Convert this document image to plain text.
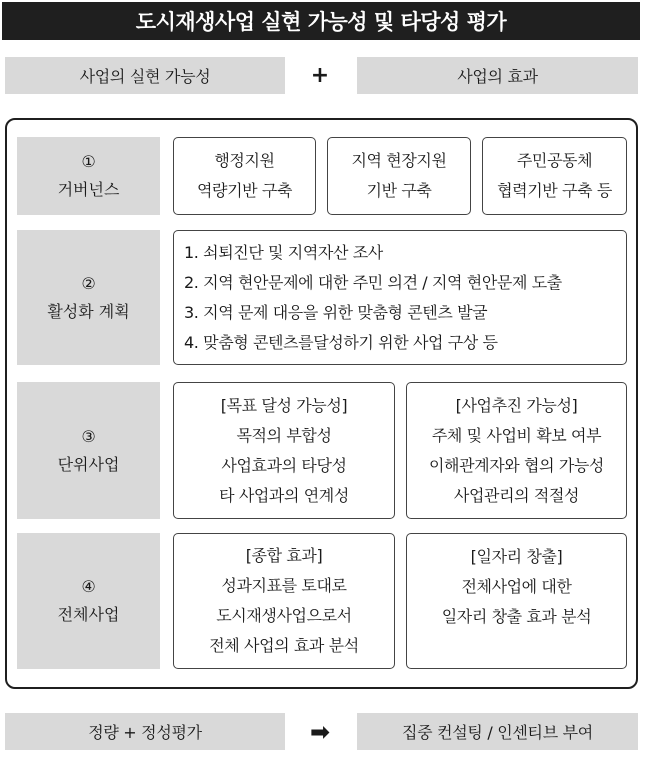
도시재생사업 실현 가능성 및 타당성 평가
사업의 실현 가능성	+	사업의 효과
①
거버넌스
행정지원
역량기반 구축
지역 현장지원
기반 구축
주민공동체
협력기반 구축 등
②
활성화 계획
1. 쇠퇴진단 및 지역자산 조사
2. 지역 현안문제에 대한 주민 의견 / 지역 현안문제 도출
3. 지역 문제 대응을 위한 맞춤형 콘텐츠 발굴
4. 맞춤형 콘텐츠를달성하기 위한 사업 구상 등
③
단위사업
[목표 달성 가능성]
목적의 부합성
사업효과의 타당성
타 사업과의 연계성
[사업추진 가능성]
주체 및 사업비 확보 여부
이해관계자와 협의 가능성
사업관리의 적절성
④
전체사업
[종합 효과]
성과지표를 토대로
도시재생사업으로서
전체 사업의 효과 분석
[일자리 창출]
전체사업에 대한
일자리 창출 효과 분석
정량 + 정성평가	➡	집중 컨설팅 / 인센티브 부여
